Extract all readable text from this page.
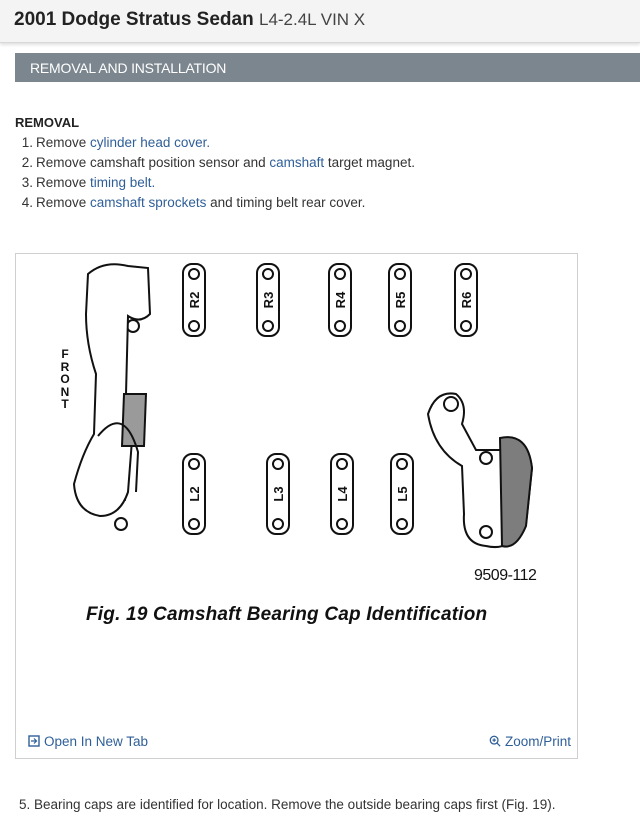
2001 Dodge Stratus Sedan L4-2.4L VIN X
REMOVAL AND INSTALLATION
REMOVAL
1. Remove cylinder head cover.
2. Remove camshaft position sensor and camshaft target magnet.
3. Remove timing belt.
4. Remove camshaft sprockets and timing belt rear cover.
R2	R3	R4	R5	R6
L2	L3	L4	L5
F
R
O
N
T
9509-112
Fig. 19 Camshaft Bearing Cap Identification
Open In New Tab	Zoom/Print
5. Bearing caps are identified for location. Remove the outside bearing caps first (Fig. 19).
